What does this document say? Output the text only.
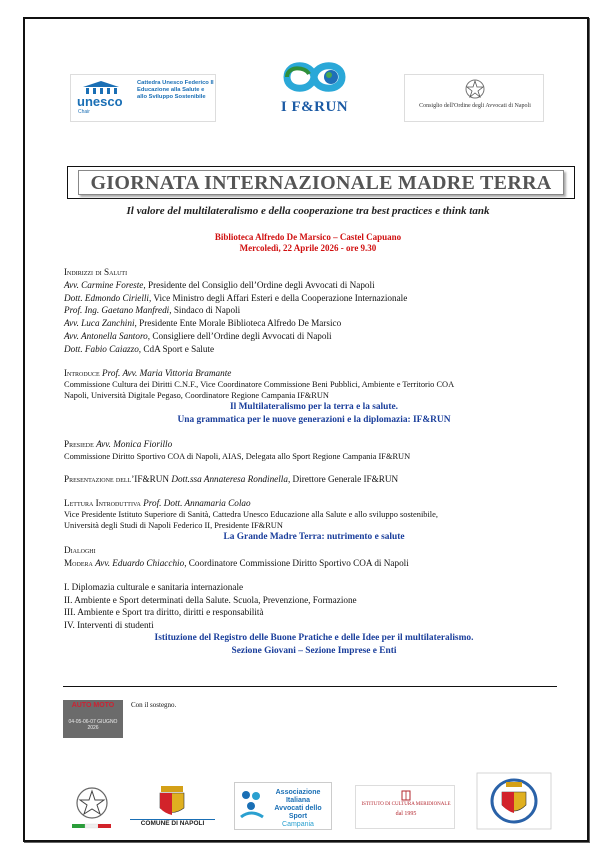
unesco
Chair
Cattedra Unesco Federico II Educazione alla Salute e allo Sviluppo Sostenibile
I F&RUN	Consiglio dell'Ordine degli Avvocati di Napoli
GIORNATA INTERNAZIONALE MADRE TERRA
Il valore del multilateralismo e della cooperazione tra best practices e think tank
Biblioteca Alfredo De Marsico – Castel Capuano
Mercoledì, 22 Aprile 2026 - ore 9.30

Indirizzi di Saluti

Avv. Carmine Foreste, Presidente del Consiglio dell’Ordine degli Avvocati di Napoli

Dott. Edmondo Cirielli, Vice Ministro degli Affari Esteri e della Cooperazione Internazionale

Prof. Ing. Gaetano Manfredi, Sindaco di Napoli

Avv. Luca Zanchini, Presidente Ente Morale Biblioteca Alfredo De Marsico

Avv. Antonella Santoro, Consigliere dell’Ordine degli Avvocati di Napoli

Dott. Fabio Caiazzo, CdA Sport e Salute

Introduce Prof. Avv. Maria Vittoria Bramante

Commissione Cultura dei Diritti C.N.F., Vice Coordinatore Commissione Beni Pubblici, Ambiente e Territorio COA

Napoli, Università Digitale Pegaso, Coordinatore Regione Campania IF&RUN

Il Multilateralismo per la terra e la salute.

Una grammatica per le nuove generazioni e la diplomazia: IF&RUN

Presiede Avv. Monica Fiorillo

Commissione Diritto Sportivo COA di Napoli, AIAS, Delegata allo Sport Regione Campania IF&RUN

Presentazione dell’IF&RUN Dott.ssa Annateresa Rondinella, Direttore Generale IF&RUN

Lettura Introduttiva Prof. Dott. Annamaria Colao

Vice Presidente Istituto Superiore di Sanità, Cattedra Unesco Educazione alla Salute e allo sviluppo sostenibile,

Università degli Studi di Napoli Federico II, Presidente IF&RUN

La Grande Madre Terra: nutrimento e salute

Dialoghi

Modera Avv. Eduardo Chiacchio, Coordinatore Commissione Diritto Sportivo COA di Napoli

I. Diplomazia culturale e sanitaria internazionale

II. Ambiente e Sport determinati della Salute. Scuola, Prevenzione, Formazione

III. Ambiente e Sport tra diritto, diritti e responsabilità

IV. Interventi di studenti

Istituzione del Registro delle Buone Pratiche e delle Idee per il multilateralismo.

Sezione Giovani – Sezione Imprese e Enti

AUTO MOTO
04-05-06-07 GIUGNO 2026
Con il sostegno.
COMUNE DI NAPOLI
Associazione
Italiana
Avvocati dello Sport
Campania
ISTITUTO DI CULTURA MERIDIONALE
dal 1995
